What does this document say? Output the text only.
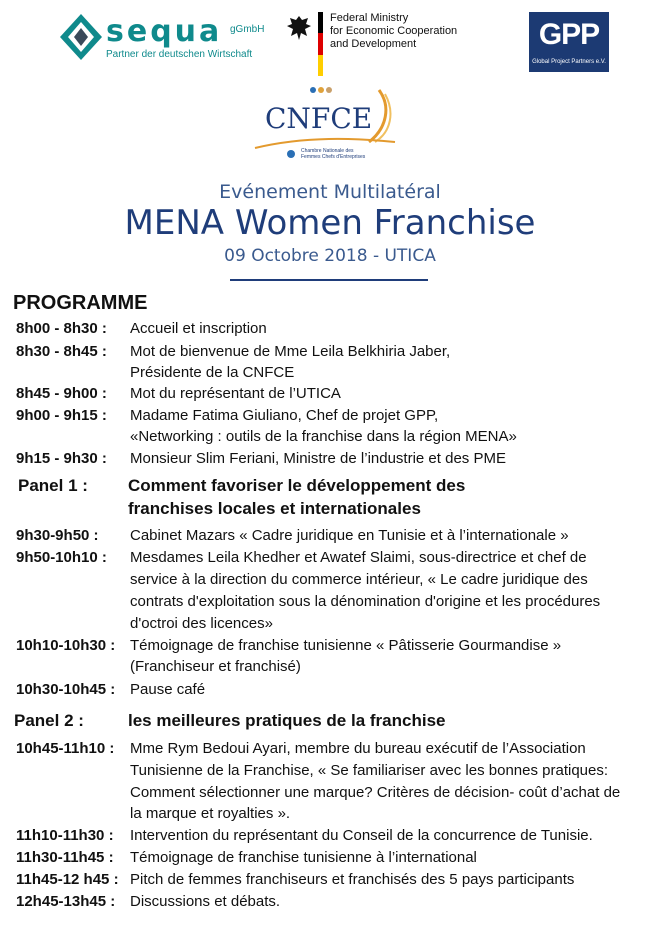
sequa gGmbH
Partner der deutschen Wirtschaft
Federal Ministry
for Economic Cooperation
and Development	GPP
Global Project Partners e.V.
CNFCE
Chambre Nationale des
Femmes Chefs d'Entreprises
Evénement Multilatéral
MENA Women Franchise
09 Octobre 2018 - UTICA
PROGRAMME
8h00 - 8h30 : Accueil et inscription
8h30 - 8h45 : Mot de bienvenue de Mme Leila Belkhiria Jaber,
Présidente de la CNFCE
8h45 - 9h00 : Mot du représentant de l’UTICA
9h00 - 9h15 : Madame Fatima Giuliano, Chef de projet GPP,
«Networking : outils de la franchise dans la région MENA»
9h15 - 9h30 : Monsieur Slim Feriani, Ministre de l’industrie et des PME
Panel 1 : Comment favoriser le développement des
franchises locales et internationales
9h30-9h50 : Cabinet Mazars « Cadre juridique en Tunisie et à l’internationale »
9h50-10h10 : Mesdames Leila Khedher et Awatef Slaimi, sous-directrice et chef de
service à la direction du commerce intérieur, « Le cadre juridique des
contrats d'exploitation sous la dénomination d'origine et les procédures
d'octroi des licences»
10h10-10h30 : Témoignage de franchise tunisienne « Pâtisserie Gourmandise »
(Franchiseur et franchisé)
10h30-10h45 : Pause café
Panel 2 :	les meilleures pratiques de la franchise
10h45-11h10 : Mme Rym Bedoui Ayari, membre du bureau exécutif de l’Association
Tunisienne de la Franchise, « Se familiariser avec les bonnes pratiques:
Comment sélectionner une marque? Critères de décision- coût d’achat de
la marque et royalties ».
11h10-11h30 : Intervention du représentant du Conseil de la concurrence de Tunisie.
11h30-11h45 : Témoignage de franchise tunisienne à l’international
11h45-12 h45 : Pitch de femmes franchiseurs et franchisés des 5 pays participants
12h45-13h45 : Discussions et débats.
